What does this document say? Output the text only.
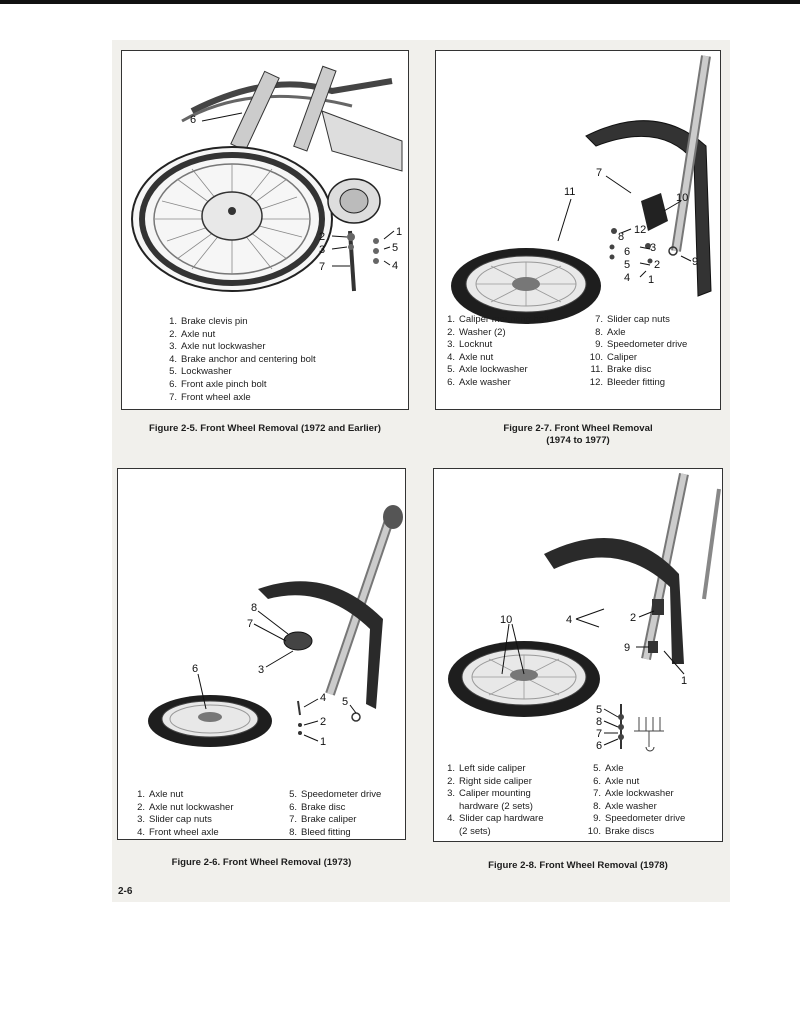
6
2
3
7
1
5
4
1. Brake clevis pin
2. Axle nut
3. Axle nut lockwasher
4. Brake anchor and centering bolt
5. Lockwasher
6. Front axle pinch bolt
7. Front wheel axle
Figure 2-5. Front Wheel Removal (1972 and Earlier)
11
7
10
8
12
9
3
2
1
6
5
4
1. Caliper mounting bolt
2. Washer (2)
3. Locknut
4. Axle nut
5. Axle lockwasher
6. Axle washer
7. Slider cap nuts
8. Axle
9. Speedometer drive
10. Caliper
11. Brake disc
12. Bleeder fitting
Figure 2-7. Front Wheel Removal
(1974 to 1977)
8
7
3
6
4
2
1
5
1. Axle nut
2. Axle nut lockwasher
3. Slider cap nuts
4. Front wheel axle
5. Speedometer drive
6. Brake disc
7. Brake caliper
8. Bleed fitting
Figure 2-6. Front Wheel Removal (1973)
10	4	2
9
1
5
8
7
6
1. Left side caliper
2. Right side caliper
3. Caliper mounting
hardware (2 sets)
4. Slider cap hardware
(2 sets)
5. Axle
6. Axle nut
7. Axle lockwasher
8. Axle washer
9. Speedometer drive
10. Brake discs
Figure 2-8. Front Wheel Removal (1978)
2-6
